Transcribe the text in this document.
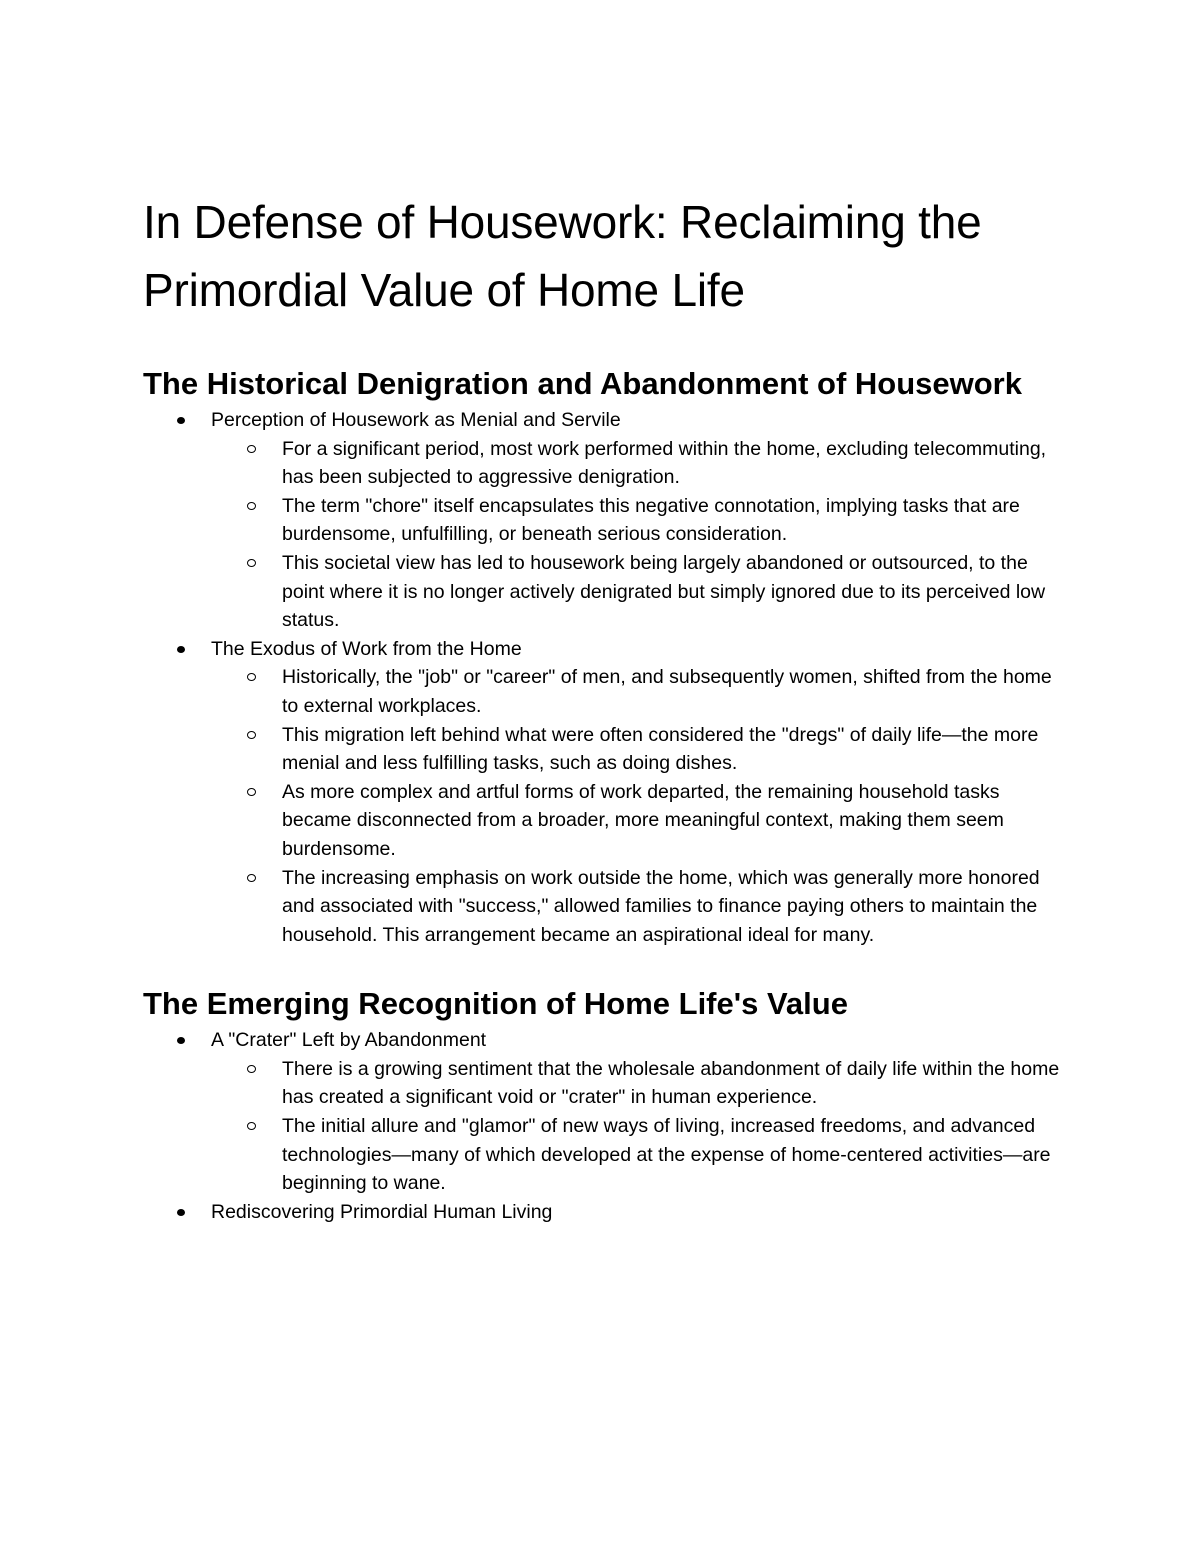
In Defense of Housework: Reclaiming the Primordial Value of Home Life
The Historical Denigration and Abandonment of Housework
Perception of Housework as Menial and Servile
For a significant period, most work performed within the home, excluding telecommuting, has been subjected to aggressive denigration.
The term "chore" itself encapsulates this negative connotation, implying tasks that are burdensome, unfulfilling, or beneath serious consideration.
This societal view has led to housework being largely abandoned or outsourced, to the point where it is no longer actively denigrated but simply ignored due to its perceived low status.
The Exodus of Work from the Home
Historically, the "job" or "career" of men, and subsequently women, shifted from the home to external workplaces.
This migration left behind what were often considered the "dregs" of daily life—the more menial and less fulfilling tasks, such as doing dishes.
As more complex and artful forms of work departed, the remaining household tasks became disconnected from a broader, more meaningful context, making them seem burdensome.
The increasing emphasis on work outside the home, which was generally more honored and associated with "success," allowed families to finance paying others to maintain the household. This arrangement became an aspirational ideal for many.
The Emerging Recognition of Home Life's Value
A "Crater" Left by Abandonment
There is a growing sentiment that the wholesale abandonment of daily life within the home has created a significant void or "crater" in human experience.
The initial allure and "glamor" of new ways of living, increased freedoms, and advanced technologies—many of which developed at the expense of home-centered activities—are beginning to wane.
Rediscovering Primordial Human Living
